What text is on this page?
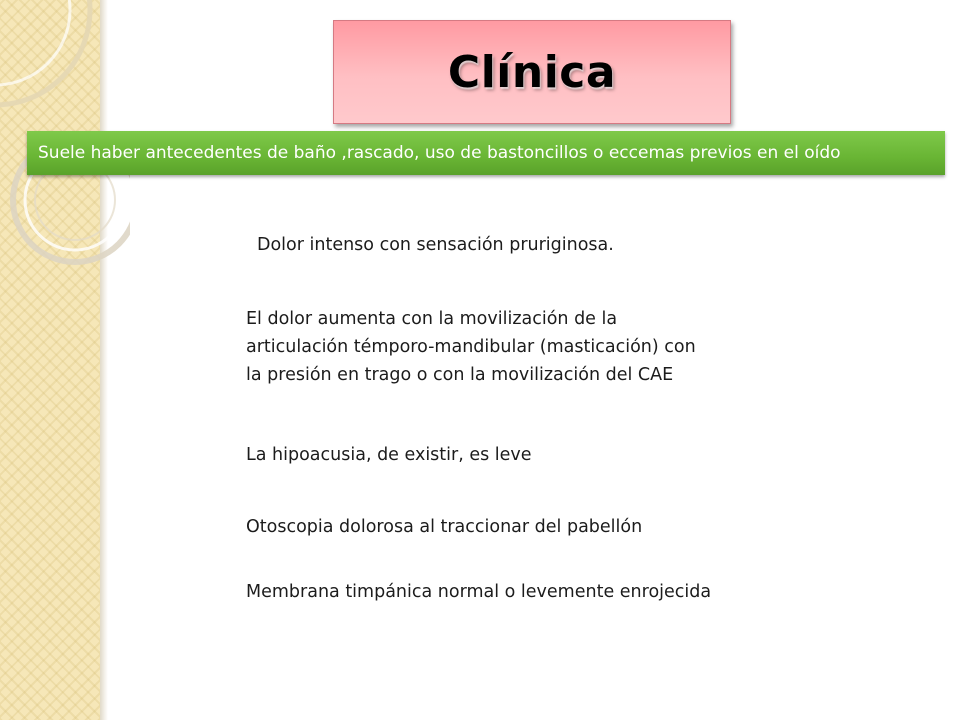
Clínica
Suele haber antecedentes de baño ,rascado, uso de bastoncillos o eccemas previos en el oído
Dolor intenso con sensación pruriginosa.
El dolor aumenta con la movilización de la articulación témporo-mandibular (masticación) con la presión en trago o con la movilización del CAE
La hipoacusia, de existir, es leve
Otoscopia dolorosa al traccionar del pabellón
Membrana timpánica normal o levemente enrojecida
